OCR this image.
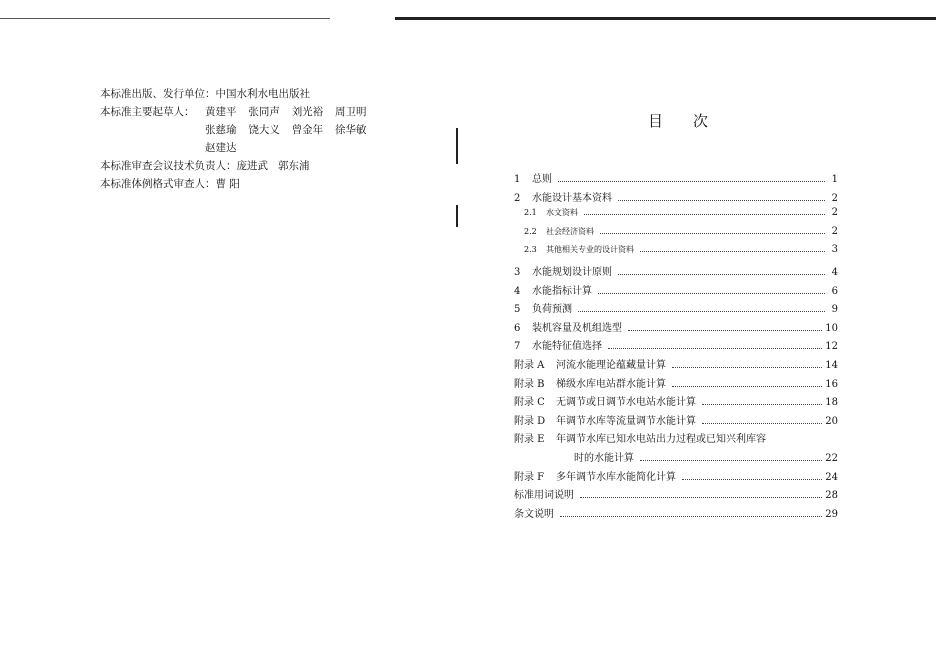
本标准出版、发行单位：中国水利水电出版社
本标准主要起草人： 黄建平 张同声 刘光裕 周卫明
张慈瑜 饶大义 曾金年 徐华敏
赵建达
本标准审查会议技术负责人：庞进武 郭东浦
本标准体例格式审查人：曹 阳
目 次
1	总则	1
2	水能设计基本资料	2
2.1	水文资料	2
2.2	社会经济资料	2
2.3	其他相关专业的设计资料	3
3	水能规划设计原则	4
4	水能指标计算	6
5	负荷预测	9
6	装机容量及机组选型	10
7	水能特征值选择	12
附录 A	河流水能理论蕴藏量计算	14
附录 B	梯级水库电站群水能计算	16
附录 C	无调节或日调节水电站水能计算	18
附录 D	年调节水库等流量调节水能计算	20
附录 E	年调节水库已知水电站出力过程或已知兴利库容
时的水能计算	22
附录 F	多年调节水库水能简化计算	24
标准用词说明	28
条文说明	29
